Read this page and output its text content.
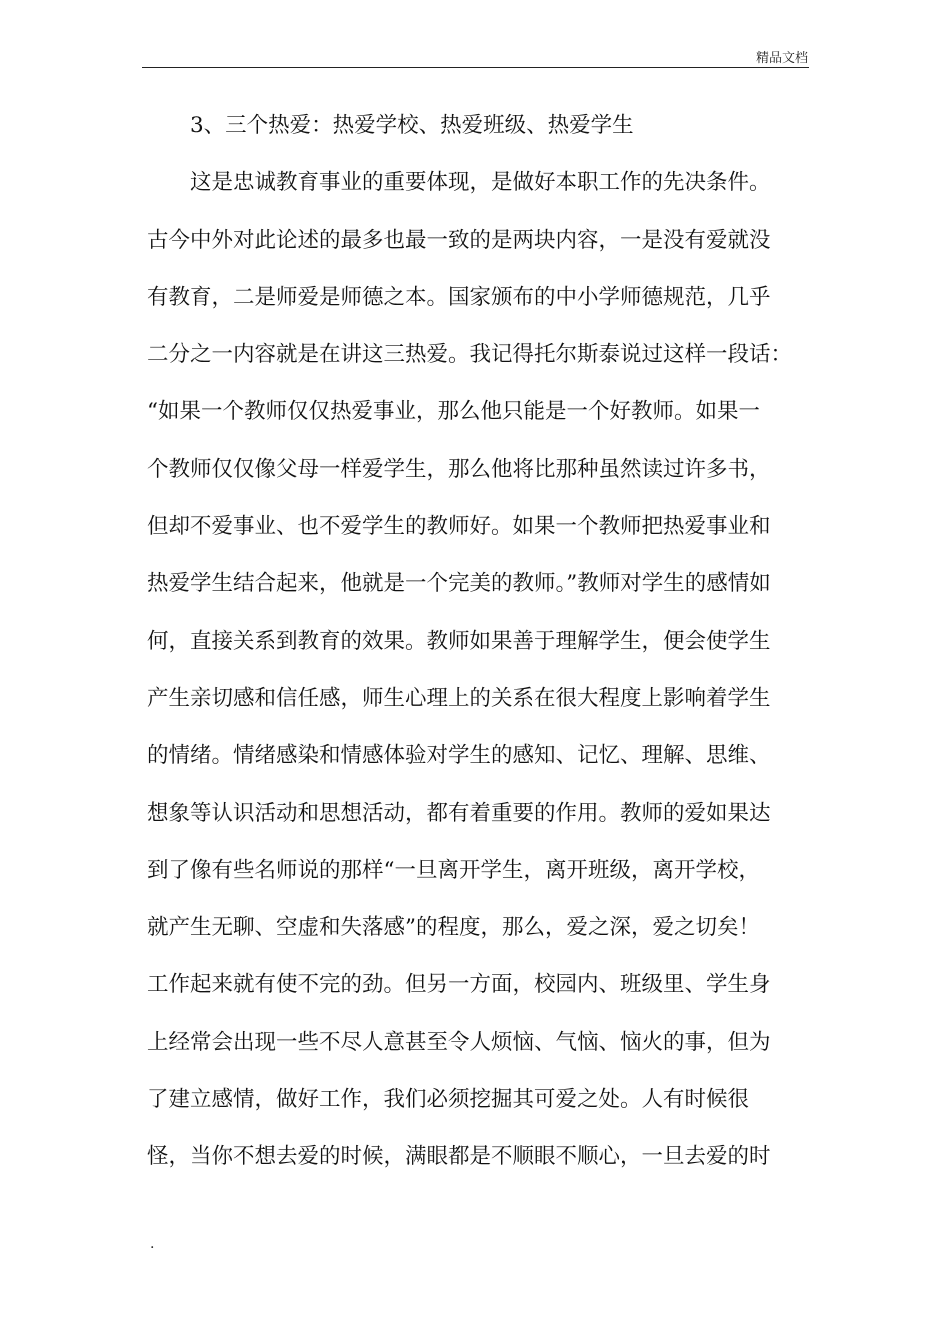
精品文档
3、三个热爱：热爱学校、热爱班级、热爱学生
这是忠诚教育事业的重要体现，是做好本职工作的先决条件。
古今中外对此论述的最多也最一致的是两块内容，一是没有爱就没
有教育，二是师爱是师德之本。国家颁布的中小学师德规范，几乎
二分之一内容就是在讲这三热爱。我记得托尔斯泰说过这样一段话：
“如果一个教师仅仅热爱事业，那么他只能是一个好教师。如果一
个教师仅仅像父母一样爱学生，那么他将比那种虽然读过许多书，
但却不爱事业、也不爱学生的教师好。如果一个教师把热爱事业和
热爱学生结合起来，他就是一个完美的教师。”教师对学生的感情如
何，直接关系到教育的效果。教师如果善于理解学生，便会使学生
产生亲切感和信任感，师生心理上的关系在很大程度上影响着学生
的情绪。情绪感染和情感体验对学生的感知、记忆、理解、思维、
想象等认识活动和思想活动，都有着重要的作用。教师的爱如果达
到了像有些名师说的那样“一旦离开学生，离开班级，离开学校，
就产生无聊、空虚和失落感”的程度，那么，爱之深，爱之切矣！
工作起来就有使不完的劲。但另一方面，校园内、班级里、学生身
上经常会出现一些不尽人意甚至令人烦恼、气恼、恼火的事，但为
了建立感情，做好工作，我们必须挖掘其可爱之处。人有时候很
怪，当你不想去爱的时候，满眼都是不顺眼不顺心，一旦去爱的时
.
